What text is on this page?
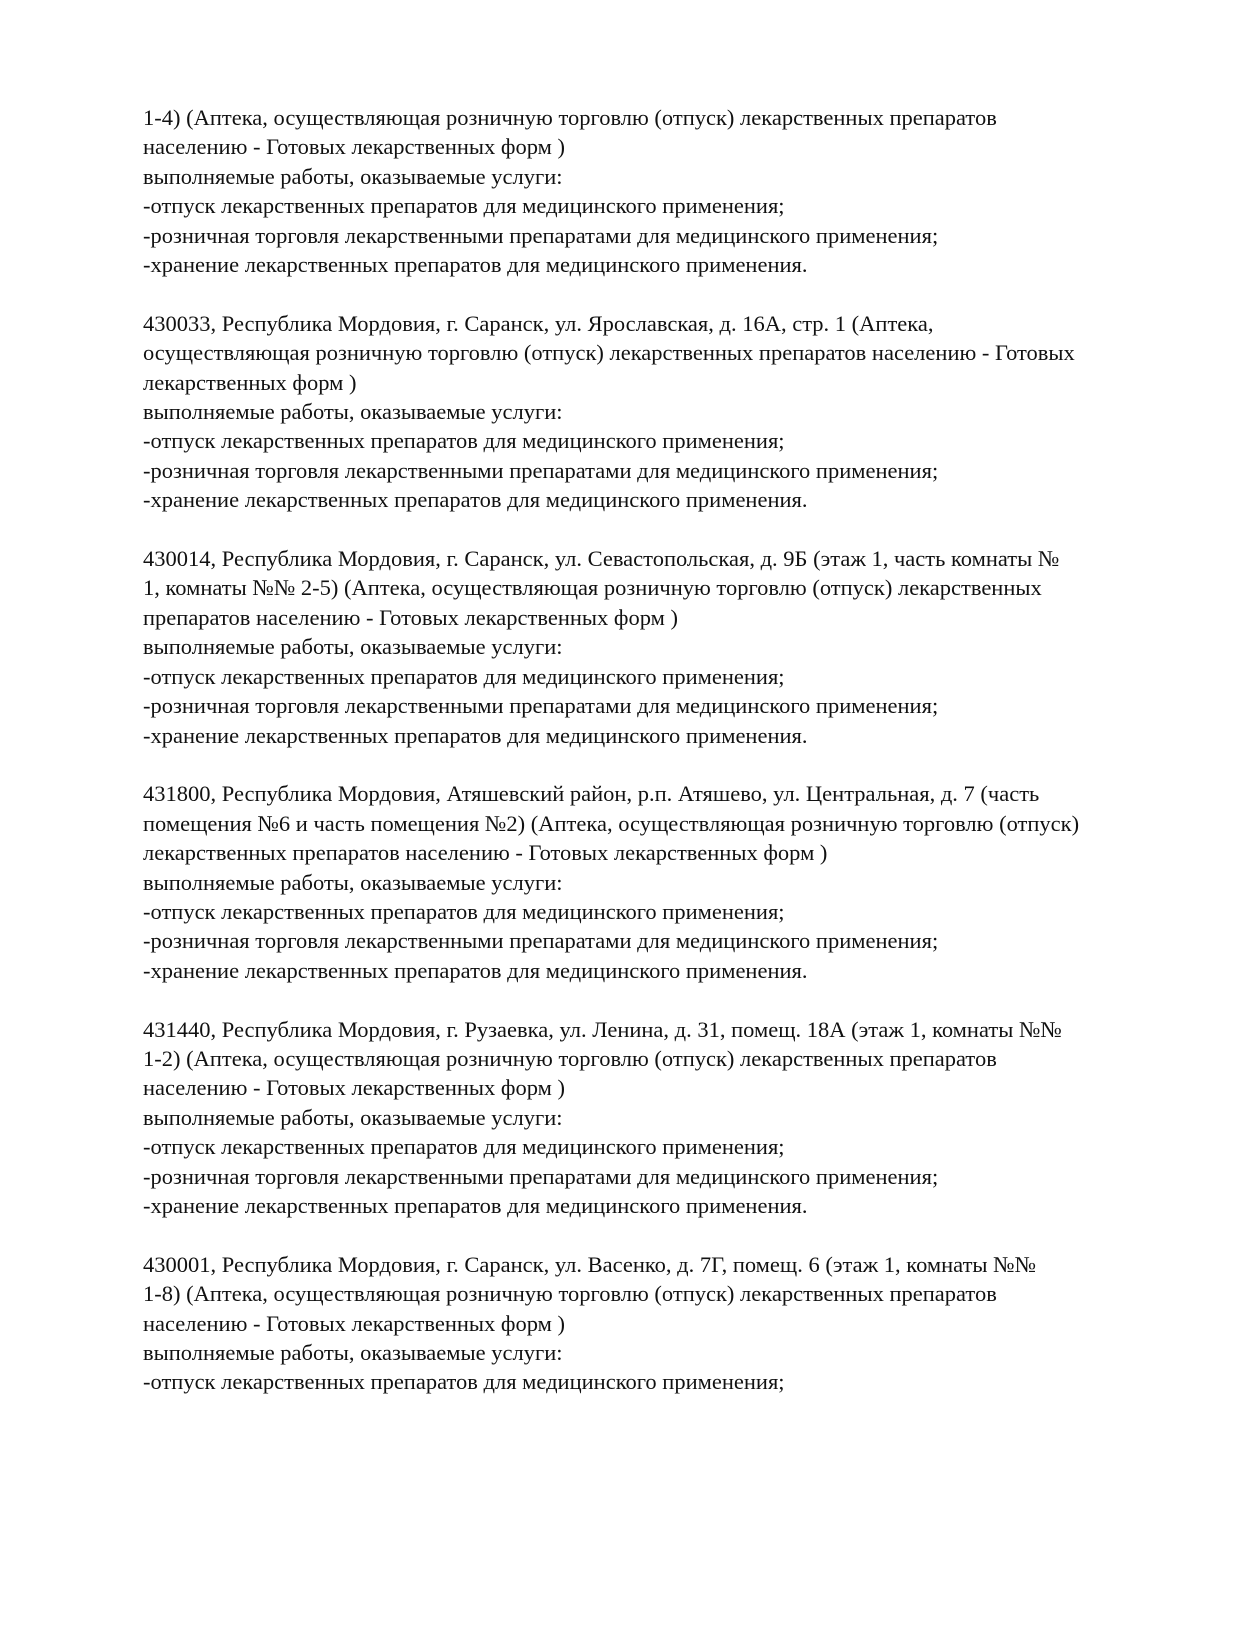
1-4) (Аптека, осуществляющая розничную торговлю (отпуск) лекарственных препаратов
населению - Готовых лекарственных форм )
выполняемые работы, оказываемые услуги:
-отпуск лекарственных препаратов для медицинского применения;
-розничная торговля лекарственными препаратами для медицинского применения;
-хранение лекарственных препаратов для медицинского применения.
430033, Республика Мордовия, г. Саранск, ул. Ярославская, д. 16А, стр. 1 (Аптека,
осуществляющая розничную торговлю (отпуск) лекарственных препаратов населению - Готовых
лекарственных форм )
выполняемые работы, оказываемые услуги:
-отпуск лекарственных препаратов для медицинского применения;
-розничная торговля лекарственными препаратами для медицинского применения;
-хранение лекарственных препаратов для медицинского применения.
430014, Республика Мордовия, г. Саранск, ул. Севастопольская, д. 9Б (этаж 1, часть комнаты №
1, комнаты №№ 2-5) (Аптека, осуществляющая розничную торговлю (отпуск) лекарственных
препаратов населению - Готовых лекарственных форм )
выполняемые работы, оказываемые услуги:
-отпуск лекарственных препаратов для медицинского применения;
-розничная торговля лекарственными препаратами для медицинского применения;
-хранение лекарственных препаратов для медицинского применения.
431800, Республика Мордовия, Атяшевский район, р.п. Атяшево, ул. Центральная, д. 7 (часть
помещения №6 и часть помещения №2) (Аптека, осуществляющая розничную торговлю (отпуск)
лекарственных препаратов населению - Готовых лекарственных форм )
выполняемые работы, оказываемые услуги:
-отпуск лекарственных препаратов для медицинского применения;
-розничная торговля лекарственными препаратами для медицинского применения;
-хранение лекарственных препаратов для медицинского применения.
431440, Республика Мордовия, г. Рузаевка, ул. Ленина, д. 31, помещ. 18А (этаж 1, комнаты №№
1-2) (Аптека, осуществляющая розничную торговлю (отпуск) лекарственных препаратов
населению - Готовых лекарственных форм )
выполняемые работы, оказываемые услуги:
-отпуск лекарственных препаратов для медицинского применения;
-розничная торговля лекарственными препаратами для медицинского применения;
-хранение лекарственных препаратов для медицинского применения.
430001, Республика Мордовия, г. Саранск, ул. Васенко, д. 7Г, помещ. 6 (этаж 1, комнаты №№
1-8) (Аптека, осуществляющая розничную торговлю (отпуск) лекарственных препаратов
населению - Готовых лекарственных форм )
выполняемые работы, оказываемые услуги:
-отпуск лекарственных препаратов для медицинского применения;
